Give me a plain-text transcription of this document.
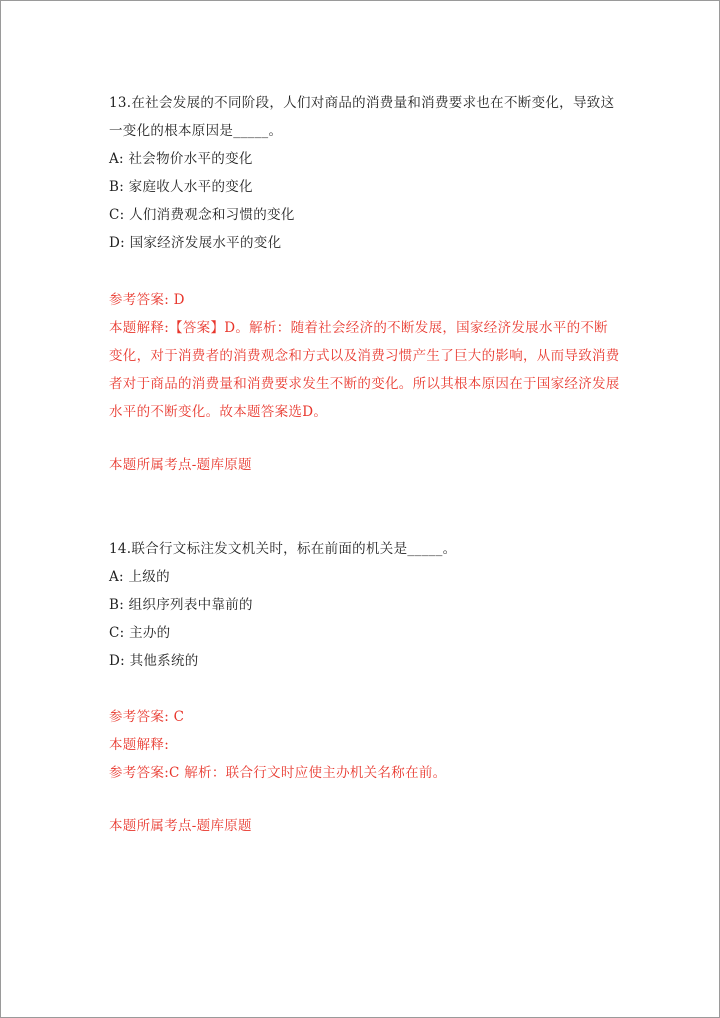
13.在社会发展的不同阶段，人们对商品的消费量和消费要求也在不断变化，导致这一变化的根本原因是_____。

A: 社会物价水平的变化

B: 家庭收人水平的变化

C: 人们消费观念和习惯的变化

D: 国家经济发展水平的变化

参考答案: D

本题解释:【答案】D。解析：随着社会经济的不断发展，国家经济发展水平的不断变化，对于消费者的消费观念和方式以及消费习惯产生了巨大的影响，从而导致消费者对于商品的消费量和消费要求发生不断的变化。所以其根本原因在于国家经济发展水平的不断变化。故本题答案选D。

本题所属考点-题库原题

14.联合行文标注发文机关时，标在前面的机关是_____。

A: 上级的

B: 组织序列表中靠前的

C: 主办的

D: 其他系统的

参考答案: C
本题解释:

参考答案:C 解析：联合行文时应使主办机关名称在前。

本题所属考点-题库原题
